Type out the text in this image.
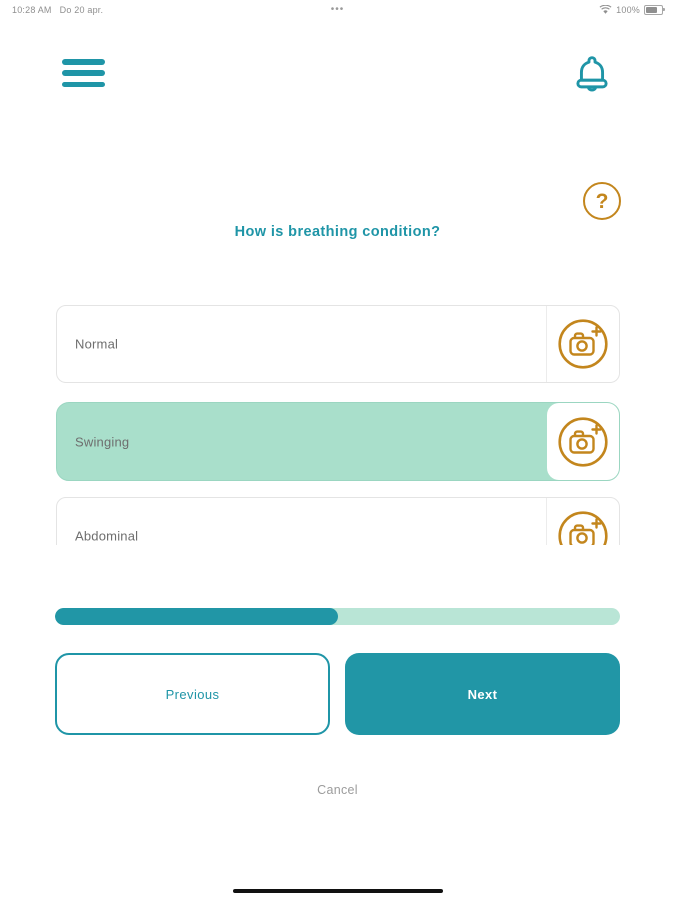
10:28 AM Do 20 apr.	•••	100%
?
How is breathing condition?
Normal
Swinging
Abdominal
Previous	Next
Cancel
